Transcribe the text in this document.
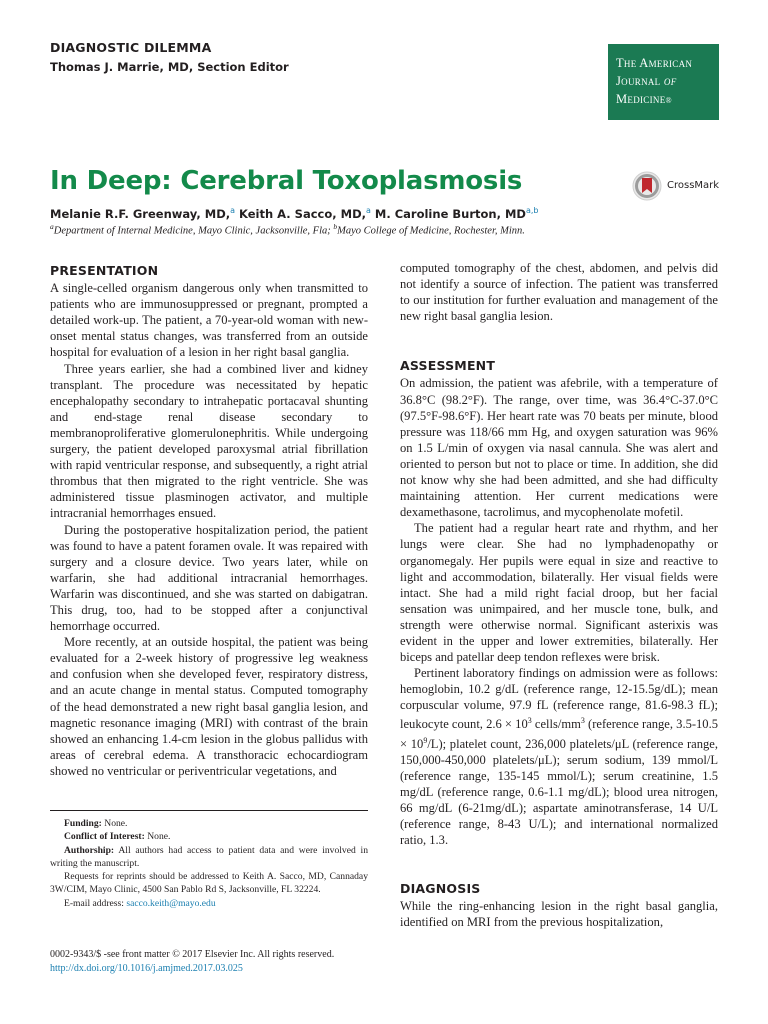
DIAGNOSTIC DILEMMA
Thomas J. Marrie, MD, Section Editor	The American
Journal of
Medicine®
In Deep: Cerebral Toxoplasmosis	CrossMark
Melanie R.F. Greenway, MD,$^a$ Keith A. Sacco, MD,$^a$ M. Caroline Burton, MD$^{a,b}$
$^a$Department of Internal Medicine, Mayo Clinic, Jacksonville, Fla; $^b$Mayo College of Medicine, Rochester, Minn.
PRESENTATION

A single-celled organism dangerous only when transmitted to patients who are immunosuppressed or pregnant, prompted a detailed work-up. The patient, a 70-year-old woman with new-onset mental status changes, was transferred from an outside hospital for evaluation of a lesion in her right basal ganglia.

Three years earlier, she had a combined liver and kidney transplant. The procedure was necessitated by hepatic encephalopathy secondary to intrahepatic portacaval shunting and end-stage renal disease secondary to membranoproliferative glomerulonephritis. While undergoing surgery, the patient developed paroxysmal atrial fibrillation with rapid ventricular response, and subsequently, a right atrial thrombus that then migrated to the right ventricle. She was administered tissue plasminogen activator, and multiple intracranial hemorrhages ensued.

During the postoperative hospitalization period, the patient was found to have a patent foramen ovale. It was repaired with surgery and a closure device. Two years later, while on warfarin, she had additional intracranial hemorrhages. Warfarin was discontinued, and she was started on dabigatran. This drug, too, had to be stopped after a conjunctival hemorrhage occurred.

More recently, at an outside hospital, the patient was being evaluated for a 2-week history of progressive leg weakness and confusion when she developed fever, respiratory distress, and an acute change in mental status. Computed tomography of the head demonstrated a new right basal ganglia lesion, and magnetic resonance imaging (MRI) with contrast of the brain showed an enhancing 1.4-cm lesion in the globus pallidus with areas of cerebral edema. A transthoracic echocardiogram showed no ventricular or periventricular vegetations, and

Funding: None.

Conflict of Interest: None.

Authorship: All authors had access to patient data and were involved in writing the manuscript.

Requests for reprints should be addressed to Keith A. Sacco, MD, Cannaday 3W/CIM, Mayo Clinic, 4500 San Pablo Rd S, Jacksonville, FL 32224.

E-mail address: sacco.keith@mayo.edu

0002-9343/$ -see front matter © 2017 Elsevier Inc. All rights reserved.
http://dx.doi.org/10.1016/j.amjmed.2017.03.025

computed tomography of the chest, abdomen, and pelvis did not identify a source of infection. The patient was transferred to our institution for further evaluation and management of the new right basal ganglia lesion.

ASSESSMENT

On admission, the patient was afebrile, with a temperature of 36.8°C (98.2°F). The range, over time, was 36.4°C-37.0°C (97.5°F-98.6°F). Her heart rate was 70 beats per minute, blood pressure was 118/66 mm Hg, and oxygen saturation was 96% on 1.5 L/min of oxygen via nasal cannula. She was alert and oriented to person but not to place or time. In addition, she did not know why she had been admitted, and she had difficulty maintaining attention. Her current medications were dexamethasone, tacrolimus, and mycophenolate mofetil.

The patient had a regular heart rate and rhythm, and her lungs were clear. She had no lymphadenopathy or organomegaly. Her pupils were equal in size and reactive to light and accommodation, bilaterally. Her visual fields were intact. She had a mild right facial droop, but her facial sensation was unimpaired, and her muscle tone, bulk, and strength were otherwise normal. Significant asterixis was evident in the upper and lower extremities, bilaterally. Her biceps and patellar deep tendon reflexes were brisk.

Pertinent laboratory findings on admission were as follows: hemoglobin, 10.2 g/dL (reference range, 12-15.5g/dL); mean corpuscular volume, 97.9 fL (reference range, 81.6-98.3 fL); leukocyte count, $2.6 \times 10^3$ cells/$mm^3$ (reference range, $3.5-10.5 \times 10^9/L$); platelet count, 236,000 platelets/μL (reference range, 150,000-450,000 platelets/μL); serum sodium, 139 mmol/L (reference range, 135-145 mmol/L); serum creatinine, 1.5 mg/dL (reference range, 0.6-1.1 mg/dL); blood urea nitrogen, 66 mg/dL (6-21mg/dL); aspartate aminotransferase, 14 U/L (reference range, 8-43 U/L); and international normalized ratio, 1.3.

DIAGNOSIS

While the ring-enhancing lesion in the right basal ganglia, identified on MRI from the previous hospitalization,
